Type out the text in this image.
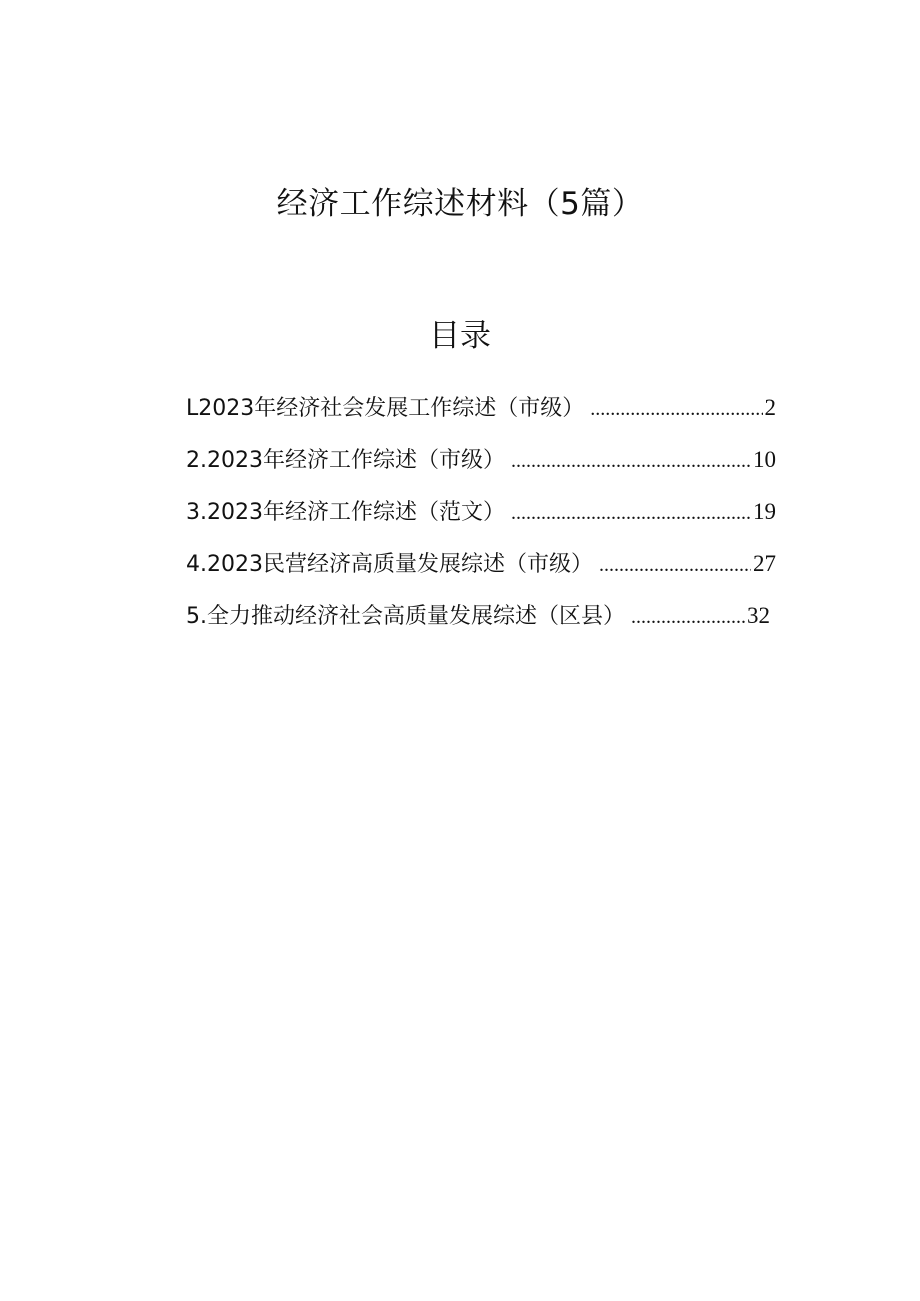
经济工作综述材料（5篇）
目录
L2023年经济社会发展工作综述（市级） .....	2
2.2023年经济工作综述（市级） .....	10
3.2023年经济工作综述（范文） .....	19
4.2023民营经济高质量发展综述（市级） .....	27
5.全力推动经济社会高质量发展综述（区县） .....	32
